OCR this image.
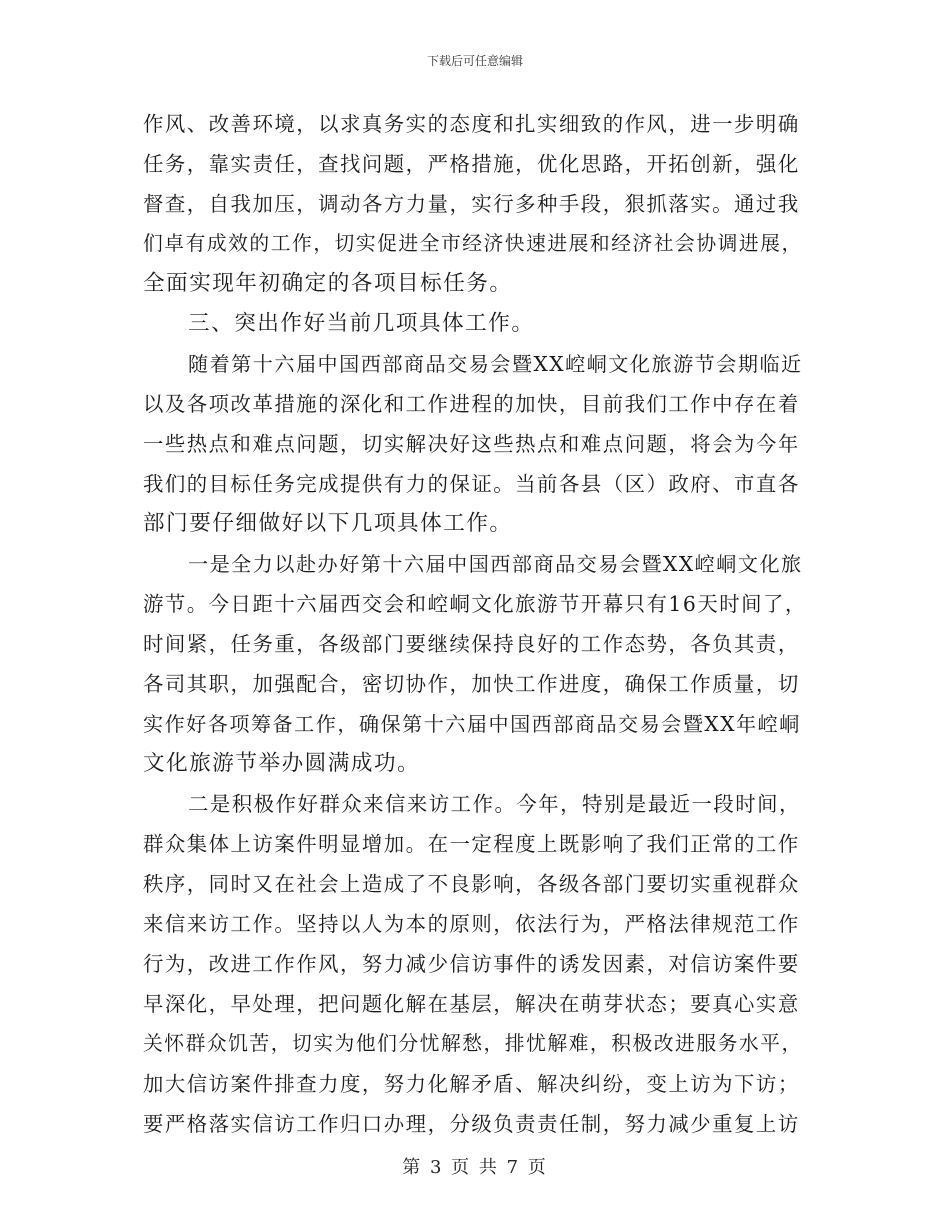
下载后可任意编辑

作风、改善环境，以求真务实的态度和扎实细致的作风，进一步明确
任务，靠实责任，查找问题，严格措施，优化思路，开拓创新，强化
督查，自我加压，调动各方力量，实行多种手段，狠抓落实。通过我
们卓有成效的工作，切实促进全市经济快速进展和经济社会协调进展，
全面实现年初确定的各项目标任务。

三、突出作好当前几项具体工作。

随着第十六届中国西部商品交易会暨XX崆峒文化旅游节会期临近
以及各项改革措施的深化和工作进程的加快，目前我们工作中存在着
一些热点和难点问题，切实解决好这些热点和难点问题，将会为今年
我们的目标任务完成提供有力的保证。当前各县（区）政府、市直各
部门要仔细做好以下几项具体工作。

一是全力以赴办好第十六届中国西部商品交易会暨XX崆峒文化旅
游节。今日距十六届西交会和崆峒文化旅游节开幕只有16天时间了，
时间紧，任务重，各级部门要继续保持良好的工作态势，各负其责，
各司其职，加强配合，密切协作，加快工作进度，确保工作质量，切
实作好各项筹备工作，确保第十六届中国西部商品交易会暨XX年崆峒
文化旅游节举办圆满成功。

二是积极作好群众来信来访工作。今年，特别是最近一段时间，
群众集体上访案件明显增加。在一定程度上既影响了我们正常的工作
秩序，同时又在社会上造成了不良影响，各级各部门要切实重视群众
来信来访工作。坚持以人为本的原则，依法行为，严格法律规范工作
行为，改进工作作风，努力减少信访事件的诱发因素，对信访案件要
早深化，早处理，把问题化解在基层，解决在萌芽状态；要真心实意
关怀群众饥苦，切实为他们分忧解愁，排忧解难，积极改进服务水平，
加大信访案件排查力度，努力化解矛盾、解决纠纷，变上访为下访；
要严格落实信访工作归口办理，分级负责责任制，努力减少重复上访

第 3 页 共 7 页
